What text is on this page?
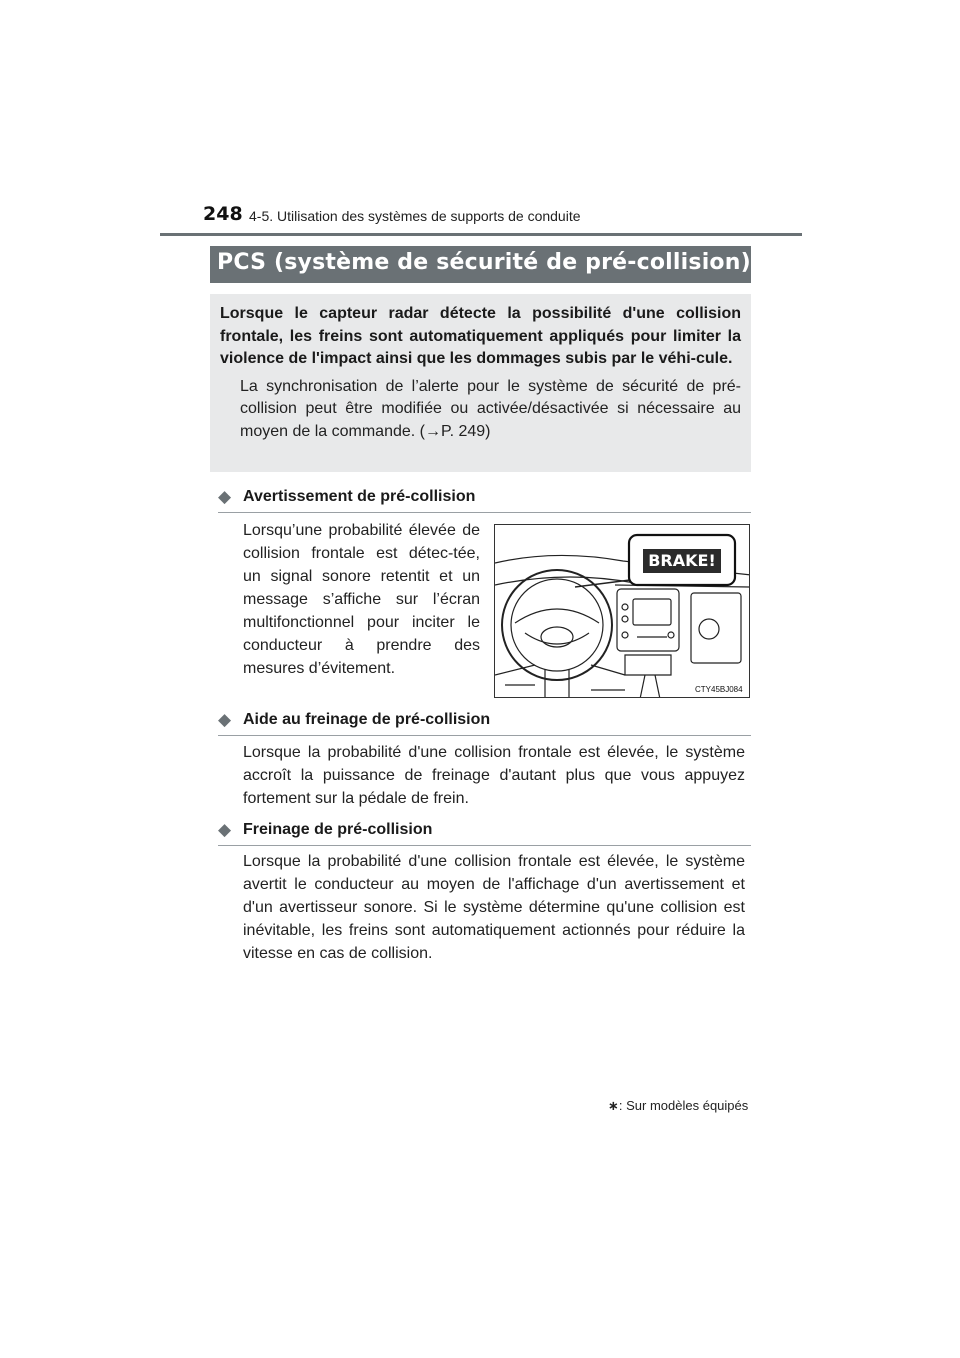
248 4-5. Utilisation des systèmes de supports de conduite
PCS (système de sécurité de pré-collision) ∗

Lorsque le capteur radar détecte la possibilité d'une collision frontale, les freins sont automatiquement appliqués pour limiter la violence de l'impact ainsi que les dommages subis par le véhi-cule.

La synchronisation de l’alerte pour le système de sécurité de pré-collision peut être modifiée ou activée/désactivée si nécessaire au moyen de la commande. (→P. 249)

◆ Avertissement de pré-collision

Lorsqu’une probabilité élevée de collision frontale est détec-tée, un signal sonore retentit et un message s’affiche sur l’écran multifonctionnel pour inciter le conducteur à prendre des mesures d’évitement.

BRAKE!
CTY45BJ084
◆ Aide au freinage de pré-collision

Lorsque la probabilité d'une collision frontale est élevée, le système accroît la puissance de freinage d'autant plus que vous appuyez fortement sur la pédale de frein.

◆ Freinage de pré-collision

Lorsque la probabilité d'une collision frontale est élevée, le système avertit le conducteur au moyen de l'affichage d'un avertissement et d'un avertisseur sonore. Si le système détermine qu'une collision est inévitable, les freins sont automatiquement actionnés pour réduire la vitesse en cas de collision.

∗: Sur modèles équipés
